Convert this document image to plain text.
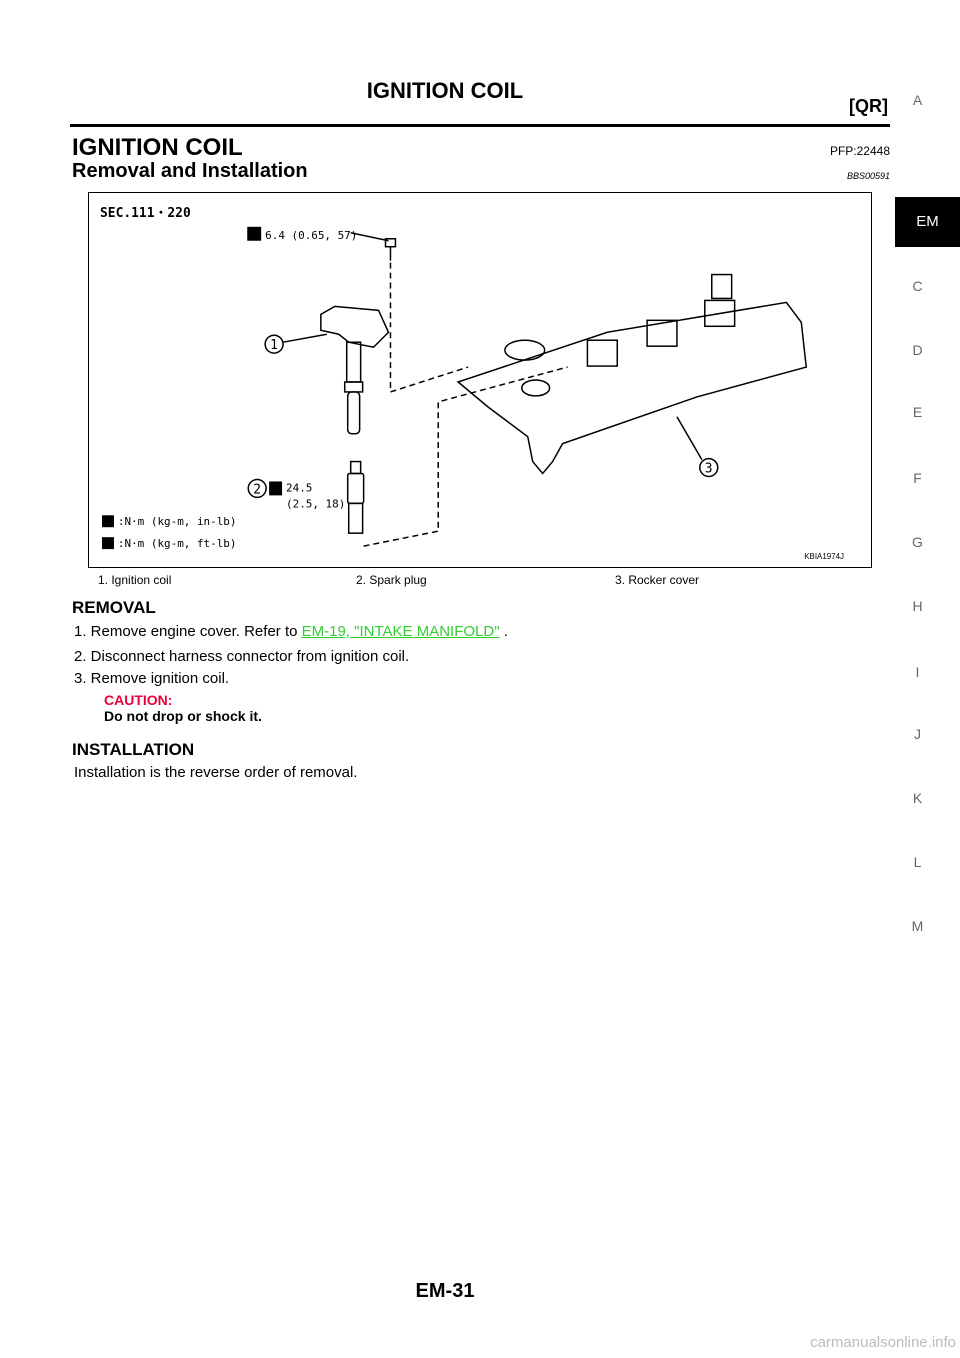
IGNITION COIL
[QR]
IGNITION COIL	PFP:22448
Removal and Installation	BBS00591
SEC.111・220
6.4 (0.65, 57)
1
2
3
24.5
(2.5, 18)
:N·m (kg-m, in-lb)
:N·m (kg-m, ft-lb)
KBIA1974J
1. Ignition coil	2. Spark plug	3. Rocker cover
REMOVAL
1. Remove engine cover. Refer to EM-19, "INTAKE MANIFOLD" .
2. Disconnect harness connector from ignition coil.
3. Remove ignition coil.
CAUTION:
Do not drop or shock it.
INSTALLATION
Installation is the reverse order of removal.
A
EM
C
D
E
F
G
H
I
J
K
L
M
EM-31
carmanualsonline.info
